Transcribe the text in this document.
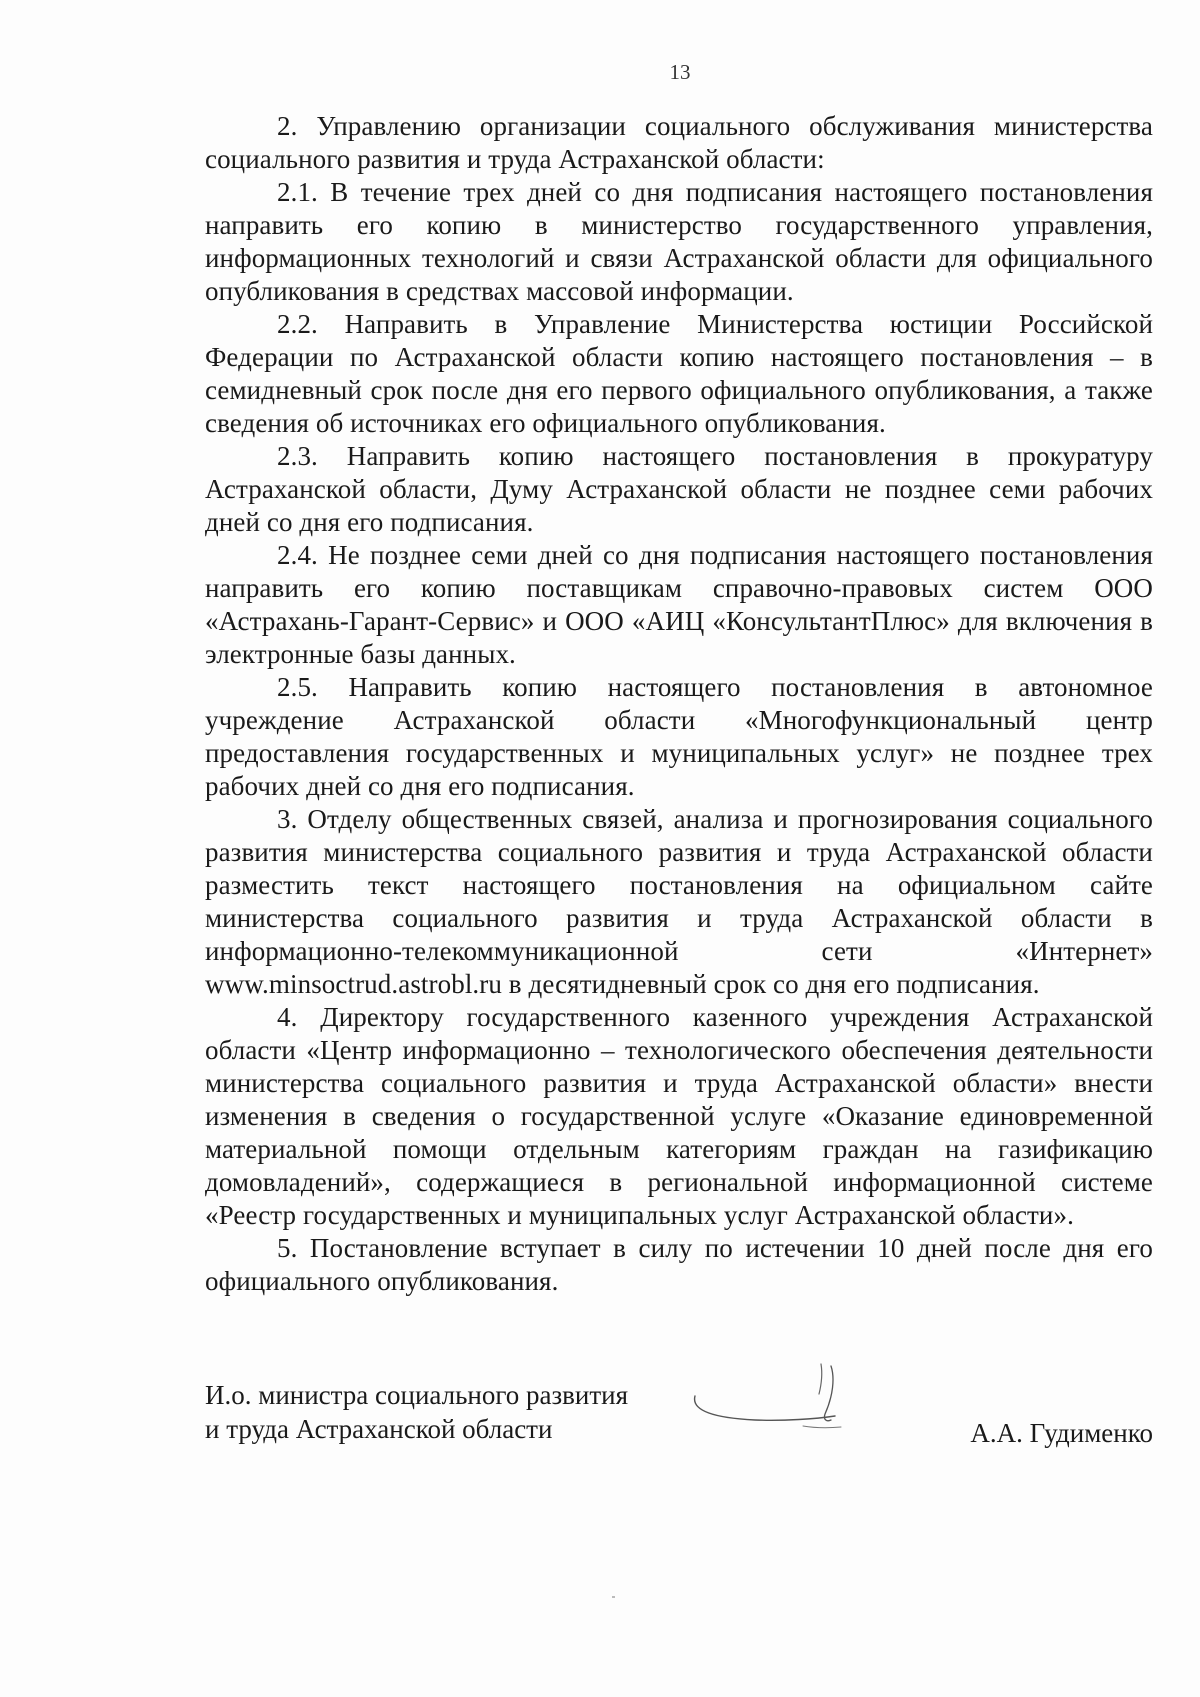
13

2. Управлению организации социального обслуживания министерства социального развития и труда Астраханской области:

2.1. В течение трех дней со дня подписания настоящего постановления направить его копию в министерство государственного управления, информационных технологий и связи Астраханской области для официального опубликования в средствах массовой информации.

2.2. Направить в Управление Министерства юстиции Российской Федерации по Астраханской области копию настоящего постановления – в семидневный срок после дня его первого официального опубликования, а также сведения об источниках его официального опубликования.

2.3. Направить копию настоящего постановления в прокуратуру Астраханской области, Думу Астраханской области не позднее семи рабочих дней со дня его подписания.

2.4. Не позднее семи дней со дня подписания настоящего постановления направить его копию поставщикам справочно-правовых систем ООО «Астрахань-Гарант-Сервис» и ООО «АИЦ «КонсультантПлюс» для включения в электронные базы данных.

2.5. Направить копию настоящего постановления в автономное учреждение Астраханской области «Многофункциональный центр предоставления государственных и муниципальных услуг» не позднее трех рабочих дней со дня его подписания.

3. Отделу общественных связей, анализа и прогнозирования социального развития министерства социального развития и труда Астраханской области разместить текст настоящего постановления на официальном сайте министерства социального развития и труда Астраханской области в информационно-телекоммуникационной сети «Интернет» www.minsoctrud.astrobl.ru в десятидневный срок со дня его подписания.

4. Директору государственного казенного учреждения Астраханской области «Центр информационно – технологического обеспечения деятельности министерства социального развития и труда Астраханской области» внести изменения в сведения о государственной услуге «Оказание единовременной материальной помощи отдельным категориям граждан на газификацию домовладений», содержащиеся в региональной информационной системе «Реестр государственных и муниципальных услуг Астраханской области».

5. Постановление вступает в силу по истечении 10 дней после дня его официального опубликования.

И.о. министра социального развития
и труда Астраханской области	А.А. Гудименко
